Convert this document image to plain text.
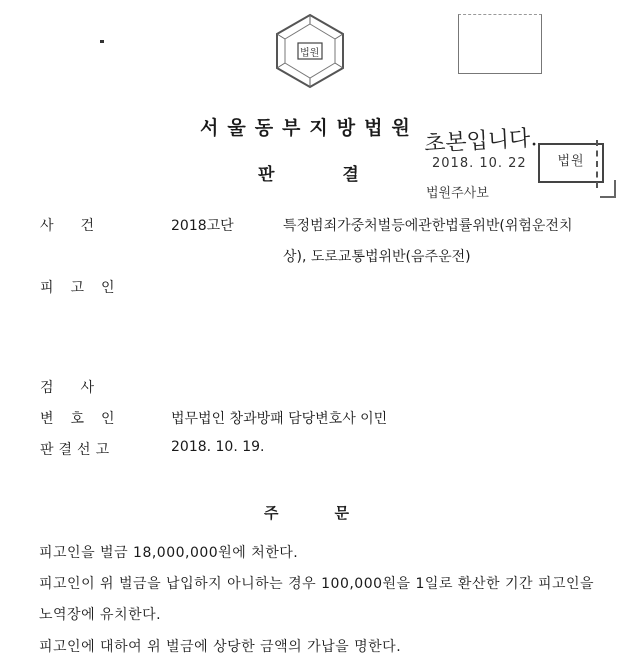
법원
서울동부지방법원
판결
초본입니다.
2018. 10. 22
법원주사보
법원
사건	2018고단	특정범죄가중처벌등에관한법률위반(위험운전치
상), 도로교통법위반(음주운전)
피고인
검사
변호인	법무법인 창과방패 담당변호사 이민
판결선고	2018. 10. 19.
주문
피고인을 벌금 18,000,000원에 처한다.
피고인이 위 벌금을 납입하지 아니하는 경우 100,000원을 1일로 환산한 기간 피고인을
노역장에 유치한다.
피고인에 대하여 위 벌금에 상당한 금액의 가납을 명한다.
